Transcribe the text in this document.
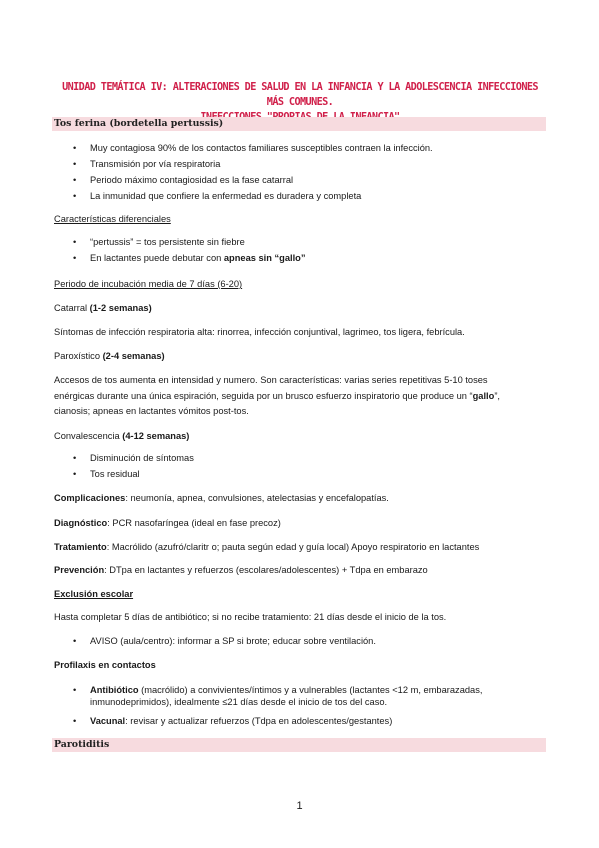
UNIDAD TEMÁTICA IV: ALTERACIONES DE SALUD EN LA INFANCIA Y LA ADOLESCENCIA INFECCIONES MÁS COMUNES.
Tos ferina (bordetella pertussis)
Muy contagiosa 90% de los contactos familiares susceptibles contraen la infección.
Transmisión por vía respiratoria
Periodo máximo contagiosidad es la fase catarral
La inmunidad que confiere la enfermedad es duradera y completa
Características diferenciales
“pertussis” = tos persistente sin fiebre
En lactantes puede debutar con apneas sin “gallo”
Periodo de incubación media de 7 días (6-20)
Catarral (1-2 semanas)
Síntomas de infección respiratoria alta: rinorrea, infección conjuntival, lagrimeo, tos ligera, febrícula.
Paroxístico (2-4 semanas)
Accesos de tos aumenta en intensidad y numero. Son características: varias series repetitivas 5-10 toses
enérgicas durante una única espiración, seguida por un brusco esfuerzo inspiratorio que produce un “gallo”,
cianosis; apneas en lactantes vómitos post-tos.
Convalescencia (4-12 semanas)
Disminución de síntomas
Tos residual
Complicaciones: neumonía, apnea, convulsiones, atelectasias y encefalopatías.
Diagnóstico: PCR nasofaríngea (ideal en fase precoz)
Tratamiento: Macrólido (azufró/claritr o; pauta según edad y guía local) Apoyo respiratorio en lactantes
Prevención: DTpa en lactantes y refuerzos (escolares/adolescentes) + Tdpa en embarazo
Exclusión escolar
Hasta completar 5 días de antibiótico; si no recibe tratamiento: 21 días desde el inicio de la tos.
AVISO (aula/centro): informar a SP si brote; educar sobre ventilación.
Profilaxis en contactos
• Antibiótico (macrólido) a convivientes/íntimos y a vulnerables (lactantes <12 m, embarazadas, inmunodeprimidos), idealmente ≤21 días desde el inicio de tos del caso.
Vacunal: revisar y actualizar refuerzos (Tdpa en adolescentes/gestantes)
Parotiditis
1
